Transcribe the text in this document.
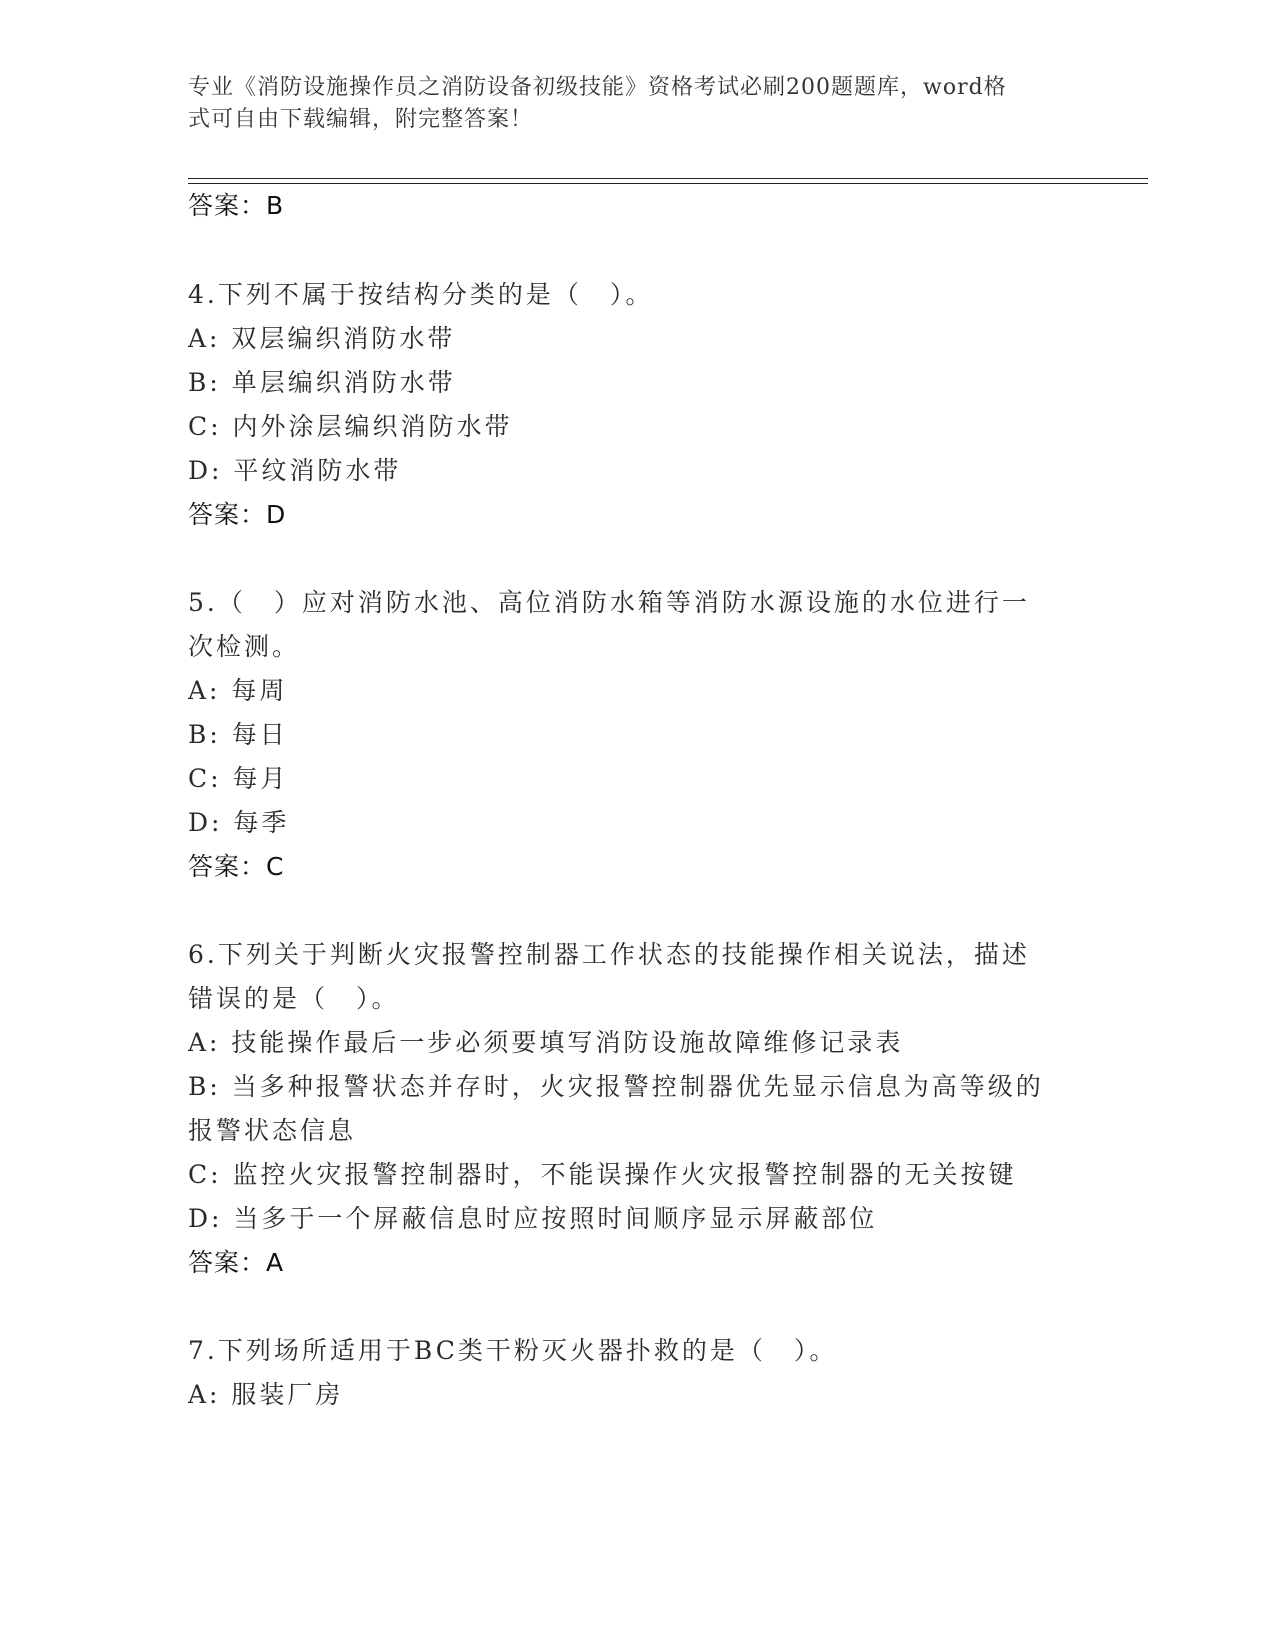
专业《消防设施操作员之消防设备初级技能》资格考试必刷200题题库，word格
式可自由下载编辑，附完整答案！
答案：B
4.下列不属于按结构分类的是（　）。
A: 双层编织消防水带
B: 单层编织消防水带
C: 内外涂层编织消防水带
D: 平纹消防水带
答案：D
5.（　）应对消防水池、高位消防水箱等消防水源设施的水位进行一
次检测。
A: 每周
B: 每日
C: 每月
D: 每季
答案：C
6.下列关于判断火灾报警控制器工作状态的技能操作相关说法，描述
错误的是（　）。
A: 技能操作最后一步必须要填写消防设施故障维修记录表
B: 当多种报警状态并存时，火灾报警控制器优先显示信息为高等级的
报警状态信息
C: 监控火灾报警控制器时，不能误操作火灾报警控制器的无关按键
D: 当多于一个屏蔽信息时应按照时间顺序显示屏蔽部位
答案：A
7.下列场所适用于BC类干粉灭火器扑救的是（　）。
A: 服装厂房
